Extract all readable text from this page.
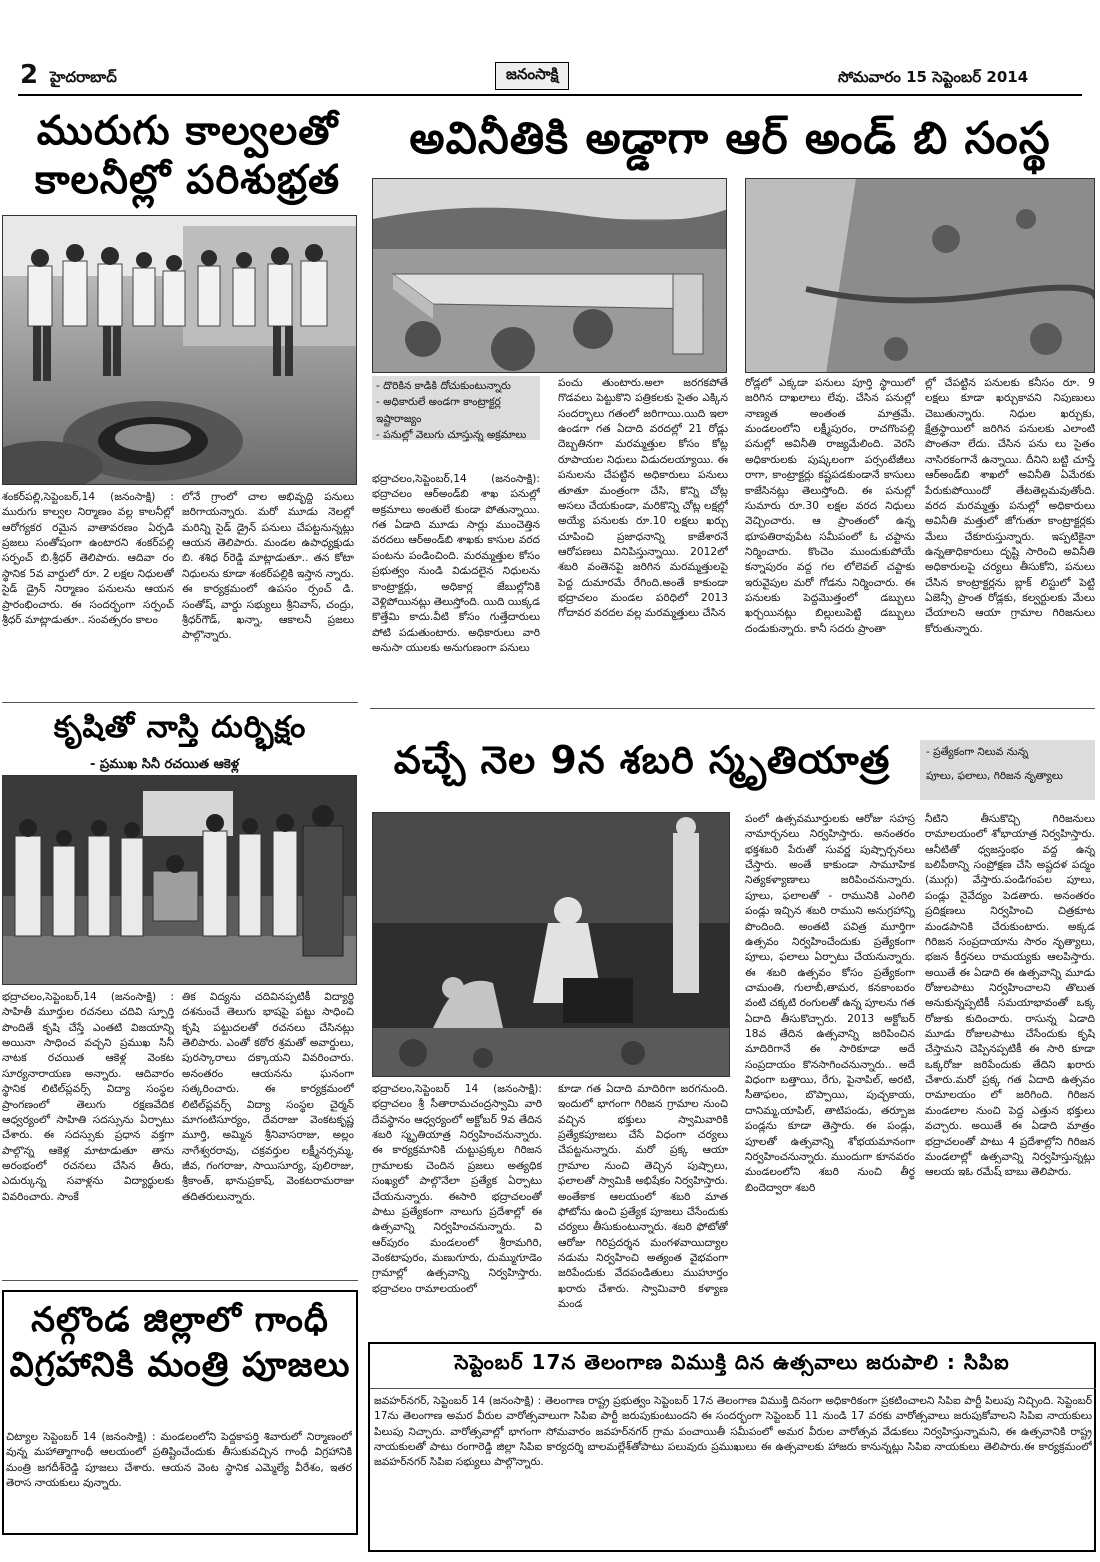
2 హైదరాబాద్‌	జనంసాక్షి	సోమవారం 15 సెప్టెంబర్‌ 2014
మురుగు కాల్వలతో
కాలనీల్లో పరిశుభ్రత
శంకర్‌పల్లి,సెప్టెంబర్‌,14 (జనంసాక్షి) : మురుగు కాల్వల నిర్మాణం వల్ల కాలనీల్లో ఆరోగ్యకర రమైన వాతావరణం ఏర్పడి ప్రజలు సంతోషంగా ఉంటారని శంకర్‌పల్లి సర్పంచ్‌ బి.శ్రీధర్‌ తెలిపారు. ఆదివా రం స్థానిక 5వ వార్డులో రూ. 2 లక్షల నిధులతో సైడ్‌ డ్రైన్‌ నిర్మాణం పనులను ఆయన ప్రారంభించారు. ఈ సందర్భంగా సర్పంచ్‌ శ్రీధర్‌ మాట్లాడుతూ.. సంవత్సరం కాలం
లోనే గ్రాంలో చాల అభివృద్ది పనులు జరిగాయన్నారు. మరో మూడు నెలల్లో మరిన్ని సైడ్‌ డ్రైన్‌ పనులు చేపట్టనున్నట్లు ఆయన తెలిపారు. మండల ఉపాధ్యక్షుడు బి. శశిధ ర్‌రెడ్డి మాట్లాడుతూ.. తన కోటా నిధులను కూడా శంకర్‌పల్లికి ఇస్తాన న్నారు. ఈ కార్యక్రమంలో ఉపసం ర్పంచ్‌ డి. సంతోష్‌, వార్డు సభ్యులు శ్రీనివాస్‌, చంద్రు, శ్రీధర్‌గౌడ్‌, ఖన్నా, ఆకాలనీ ప్రజలు పాల్గొన్నారు.
అవినీతికి అడ్డాగా ఆర్‌ అండ్‌ బి సంస్థ
- దొరికిన కాడికి దోచుకుంటున్నారు
- అధికారులే అండగా కాంట్రాక్టర్ల ఇష్టారాజ్యం
- పనుల్లో వెలుగు చూస్తున్న అక్రమాలు
భద్రాచలం,సెప్టెంబర్‌,14 (జనంసాక్షి): భద్రాచలం ఆర్‌అండ్‌బి శాఖ పనుల్లో అక్రమాలు అంతులే కుండా పోతున్నాయి. గత ఏడాది మూడు సార్లు ముంచెత్తిన వరదలు ఆర్‌అండ్‌బి శాఖకు కాసుల వరద పంటను పండించింది. మరమ్మత్తుల కోసం ప్రభుత్వం నుండి విడుదలైన నిధులను కాంట్రాక్టర్లు, అధికార్ల జేబుల్లోనికి వెళ్లిపోయినట్లు తెలుస్తోంది. యిది యిక్కడ కొత్తేమి కాదు.వీటి కోసం గుత్తేదారులు పోటి పడుతుంటారు. అధికారులు వారి అనుసా యులకు అనుగుణంగా పనులు
పంచు తుంటారు.అలా జరగకపోతే గొడవలు పెట్టుకొని పత్రికలకు సైతం ఎక్కిన సందర్భాలు గతంలో జరిగాయి.యిది ఇలా ఉండగా గత ఏదాది వరదల్లో 21 రోడ్లు దెబ్బతినగా మరమ్మత్తుల కోసం కోట్ల రూపాయల నిధులు విడుదలయ్యాయి. ఈ పనులను చేపట్టిన అధికారులు పనులు తూతూ మంత్రంగా చేసి, కొన్ని చోట్ల అసలు చేయకుండా, మరికొన్ని చోట్ల లక్షల్లో అయ్యే పనులకు రూ.10 లక్షలు ఖర్చు చూపించి ప్రజాధనాన్ని కాజేశారనే ఆరోపణలు వినిపిస్తున్నాయి. 2012లో శబరి వంతెనపై జరిగిన మరమ్మత్తులపై పెద్ద దుమారమే రేగింది.అంతే కాకుండా భద్రాచలం మండల పరిధిలో 2013 గోదావర వరదల వల్ల మరమ్మత్తులు చేసిన
రోడ్లలో ఎక్కడా పనులు పూర్తి స్థాయిలో జరిగిన దాఖలాలు లేవు. చేసిన పనుల్లో నాణ్యత అంతంత మాత్రమే. మండలంలోని లక్ష్మీపురం, రాచగొంపల్లి పనుల్లో అవినీతి రాజ్యమేలింది. వెరసి అధికారులకు పుష్కలంగా పర్సంటేజీలు రాగా, కాంట్రాక్టర్లు కష్టపడకుండానే కాసులు కాజేసినట్లు తెలుస్తోంది. ఈ పనుల్లో సుమారు రూ.30 లక్షల వరద నిధులు వెచ్చించారు. ఆ ప్రాంతంలో ఉన్న భూపతిరావుపేట సమీపంలో ఓ చప్టాను నిర్మించారు. కొంచెం ముందుకుపోయే కన్నాపురం వద్ద గల లోలెవల్‌ చప్టాకు ఇరువైపుల మరో గోడను నిర్మించారు. ఈ పనులకు పెద్దమొత్తంలో డబ్బులు ఖర్చయినట్లు బిల్లులుపెట్టి డబ్బులు దండుకున్నారు. కానీ సదరు ప్రాంతా
ల్లో చేపట్టిన పనులకు కనీసం రూ. 9 లక్షలు కూడా ఖర్చుకావని నిపుణులు చెబుతున్నారు. నిధుల ఖర్చుకు, క్షేత్రస్థాయిలో జరిగిన పనులకు ఎలాంటి పొంతనా లేదు. చేసిన పను లు సైతం నాసిరకంగానే ఉన్నాయి. దీనిని బట్టి చూస్తే ఆర్‌అండ్‌బి శాఖలో అవినీతి ఏమేరకు పేరుకుపోయిందో తేటతెల్లమవుతోంది. వరద మరమ్మత్తు పనుల్లో అధికారులు అవినీతి మత్తులో జోగుతూ కాంట్రాక్టర్లకు మేలు చేకూరుస్తున్నారు. ఇప్పటికైనా ఉన్నతాధికారులు దృష్టి సారించి అవినీతి అధికారులపై చర్యలు తీసుకోని, పనులు చేసిన కాంట్రాక్టర్లను బ్లాక్‌ లిస్టులో పెట్టి ఏజెన్సీ ప్రాంత రోడ్లకు, కల్వర్టులకు మేలు చేయాలని ఆయా గ్రామాల గిరిజనులు కోరుతున్నారు.
కృషితో నాస్తి దుర్భిక్షం
- ప్రముఖ సినీ రచయిత ఆకెళ్ల
భద్రాచలం,సెప్టెంబర్‌,14 (జనంసాక్షి) : సాహితీ మూర్తుల రచనలు చదివి స్పూర్తి పొందితే కృషి చేస్తే ఎంతటి విజయాన్ని అయినా సాధించ వచ్చని ప్రముఖ సినీ నాటక రచయిత ఆకెళ్ల వెంకట సూర్యనారాయణ అన్నారు. ఆదివారం స్థానిక లిటిల్‌ప్లవర్స్‌ విద్యా సంస్థల ప్రాంగణంలో తెలుగు రక్షణవేదిక ఆధ్వర్యంలో సాహితి సదస్సును ఏర్పాటు చేశారు. ఈ సదస్సుకు ప్రధాన వక్తగా పాల్గొన్న ఆకెళ్ల మాటాడుతూ తాను అరంభంలో రచనలు చేసిన తీరు, ఎదుర్కున్న సవాళ్లను విద్యార్థులకు వివరించారు. సాంకే
తిక విద్యను చదివినప్పటికీ విద్యార్థి దశనుంచే తెలుగు భాషపై పట్టు సాధించి కృషి పట్టుదలతో రచనలు చేసినట్లు తెలిపారు. ఎంతో కఠోర శ్రమతో అవార్డులు, పురస్కారాలు దక్కాయని వివరించారు. అనంతరం ఆయనను ఘనంగా సత్కరించారు. ఈ కార్యక్రమంలో లిటిల్‌ప్లవర్స్‌ విద్యా సంస్థల చైర్మన్‌ మాగంటిసూర్యం, దేవరాజు వెంకటకృష్ణ మూర్తి, అమ్మిన శ్రీనివాసరాజు, అల్లం నాగేశ్వరరావు, చక్రవర్తుల లక్ష్మీనర్సమ్మ, జీవ, గంగరాజు, సాయిసూర్య, పులిరాజు, శ్రీకాంత్‌, భానుప్రకాష్‌, వెంకటరామరాజు తదితరులున్నారు.
వచ్చే నెల 9న శబరి స్మృతియాత్ర	- ప్రత్యేకంగా నిలువ నున్న
పూలు, ఫలాలు, గిరిజన నృత్యాలు
భద్రాచలం,సెప్టెంబర్‌ 14 (జనంసాక్షి): భద్రాచలం శ్రీ సీతారామచంద్రస్వామి వారి దేవస్థానం ఆధ్వర్యంలో అక్టోబర్‌ 9వ తేదిన శబరి స్మృతియాత్ర నిర్వహించనున్నారు. ఈ కార్యక్రమానికి చుట్టుప్రక్కల గిరిజన గ్రామాలకు చెందిన ప్రజలు అత్యధిక సంఖ్యలో పాల్గొనేలా ప్రత్యేక ఏర్పాటు చేయనున్నారు. ఈసారి భద్రాచలంతో పాటు ప్రత్యేకంగా నాలుగు ప్రదేశాల్లో ఈ ఉత్సవాన్ని నిర్వహించనున్నారు. వి ఆర్‌పురం మండలంలో శ్రీరామగిరి, వెంకటాపురం, మణుగూరు, దుమ్ముగూడెం గ్రామాల్లో ఉత్సవాన్ని నిర్వహిస్తారు. భద్రాచలం రామాలయంలో
కూడా గత ఏదాది మాదిరిగా జరగనుంది. ఇందులో భాగంగా గిరిజన గ్రామాల నుంచి వచ్చిన భక్తులు స్వామివారికి ప్రత్యేకపూజలు చేసే విధంగా చర్యలు చేపట్టనున్నారు. మరో ప్రక్క ఆయా గ్రామాల నుంచి తెచ్చిన పుష్పాలు, ఫలాలతో స్వామికి అభిషేకం నిర్వహిస్తారు. అంతేకాక ఆలయంలో శబరి మాత ఫోటోను ఉంచి ప్రత్యేక పూజలు చేసేందుకు చర్యలు తీసుకుంటున్నారు. శబరి ఫోటోతో ఆరోజు గిరిప్రదర్శన మంగళవాయిద్యాల నడుమ నిర్వహించి అత్యంత వైభవంగా జరిపేందుకు వేదపండితులు ముహూర్తం ఖరారు చేశారు. స్వామివారి కళ్యాణ మండ
పంలో ఉత్సవమూర్తులకు ఆరోజు సహస్ర నామార్చనలు నిర్వహిస్తారు. అనంతరం భక్తశబరి పేరుతో సువర్ణ పుష్పార్చనలు చేస్తారు. అంతే కాకుండా సామూహిక నిత్యకళ్యాణాలు జరిపించనున్నారు. పూలు, ఫలాలతో - రామునికి ఎంగిలి పండ్లు ఇచ్చిన శబరి రాముని అనుగ్రహాన్ని పొందింది. అంతటి పవిత్ర మూర్తిగా ఉత్సవం నిర్వహించేందుకు ప్రత్యేకంగా పూలు, ఫలాలు ఏర్పాటు చేయనున్నారు. ఈ శబరి ఉత్సవం కోసం ప్రత్యేకంగా చామంతి, గులాబీ,తామర, కనకాంబరం వంటి చక్కటి రంగులతో ఉన్న పూలను గత ఏదాది తీసుకొచ్చారు. 2013 అక్టోబర్‌ 18వ తేదిన ఉత్సవాన్ని జరిపించిన మాదిరిగానే ఈ సారికూడా అదే సంప్రదాయం కొనసాగించనున్నారు.. అదే విధంగా బత్తాయి, రేగు, పైనాపిల్‌, అరటి, సీతాఫలం, బొప్పాయి, పుచ్చకాయ, దానిమ్మ,యాపిల్‌, తాటిపండు, తర్బూజ పండ్లను కూడా తెస్తారు. ఈ పండ్లు, పూలతో ఉత్సవాన్ని శోభయమానంగా నిర్వహించనున్నారు. ముందుగా కూనవరం మండలంలోని శబరి నుంచి తీర్థ బిందెద్వారా శబరి
నీటిని తీసుకొచ్చి గిరిజనులు రామాలయంలో శోభాయాత్ర నిర్వహిస్తారు. ఆనీటితో ధ్వజస్తంభం వద్ద ఉన్న బలిపీఠాన్ని సంప్రోక్షణ చేసి అష్టదళ పద్మం (ముగ్గు) వేస్తారు.పండిగంపల పూలు, పండ్లు నైవేద్యం పెడతారు. అనంతరం ప్రదిక్షణలు నిర్వహించి చిత్రకూట మండపానికి చేరుకుంటారు. అక్కడ గిరిజన సంప్రదాయాను సారం నృత్యాలు, భజన కీర్తనలు రామయ్యకు ఆలపిస్తారు. అయితే ఈ ఏడాది ఈ ఉత్సవాన్ని మూడు రోజులపాటు నిర్వహించాలని తొలుత అనుకున్నప్పటికీ సమయాభావంతో ఒక్క రోజుకు కుదించారు. రాసున్న ఏడాది మూడు రోజులపాటు చేసేందుకు కృషి చేస్తామని చెప్పినప్పటికీ ఈ సారి కూడా ఒక్కరోజు జరిపేందుకు తేదిని ఖరారు చేశారు.మరో ప్రక్క గత ఏదాది ఉత్సవం రామాలయం లో జరిగింది. గిరిజన మండలాల నుంచి పెద్ద ఎత్తున భక్తులు వచ్చారు. అయితే ఈ ఏడాది మాత్రం భద్రాచలంతో పాటు 4 ప్రదేశాల్లోని గిరిజన మండలాల్లో ఉత్సవాన్ని నిర్వహిస్తున్నట్లు ఆలయ ఇఓ రమేష్‌ బాబు తెలిపారు.
నల్గొండ జిల్లాలో గాంధీ
విగ్రహానికి మంత్రి పూజలు
చిట్యాల సెప్టెంబర్‌ 14 (జనంసాక్షి) : మండలంలోని పెద్దకాపర్తి శివారులో నిర్మాణంలో వున్న మహాత్మాగాంధీ ఆలయంలో ప్రతిష్టించేందుకు తీసుకువచ్చిన గాంధీ విగ్రహానికి మంత్రి జగదీశ్‌రెడ్డి పూజలు చేశారు. ఆయన వెంట స్థానిక ఎమ్మెల్యే వీరేశం, ఇతర తెరాస నాయకులు వున్నారు.
సెప్టెంబర్‌ 17న తెలంగాణ విముక్తి దిన ఉత్సవాలు జరుపాలి : సిపిఐ
జవహర్‌నగర్‌, సెప్టెంబర్‌ 14 (జనంసాక్షి) : తెలంగాణ రాష్ట్ర ప్రభుత్వం సెప్టెంబర్‌ 17న తెలంగాణ విముక్తి దినంగా అధికారికంగా ప్రకటించాలని సిపిఐ పార్టీ పిలుపు నిచ్చింది. సెప్టెంబర్‌ 17ను తెలంగాణ అమర వీరుల వారోత్సవాలుగా సిపిఐ పార్టీ జరుపుకుంటుందని ఈ సందర్భంగా సెప్టెంబర్‌ 11 నుండి 17 వరకు వారోత్సవాలు జరుపుకోవాలని సిపిఐ నాయకులు పిలుపు నిచ్చారు. వారోత్సవాల్లో భాగంగా సోమవారం జవహర్‌నగర్‌ గ్రామ పంచాయితీ సమీపంలో అమర వీరుల వారోత్సవ వేడుకలు నిర్వహిస్తున్నామని, ఈ ఉత్సవానికి రాష్ట్ర నాయకులతో పాటు రంగారెడ్డి జిల్లా సిపిఐ కార్యదర్శి బాలమల్లేశ్‌తోపాటు పలువురు ప్రముఖులు ఈ ఉత్సవాలకు హాజరు కానున్నట్లు సిపిఐ నాయకులు తెలిపారు.ఈ కార్యక్రమంలో జవహర్‌నగర్‌ సిపిఐ సభ్యులు పాల్గొన్నారు.
